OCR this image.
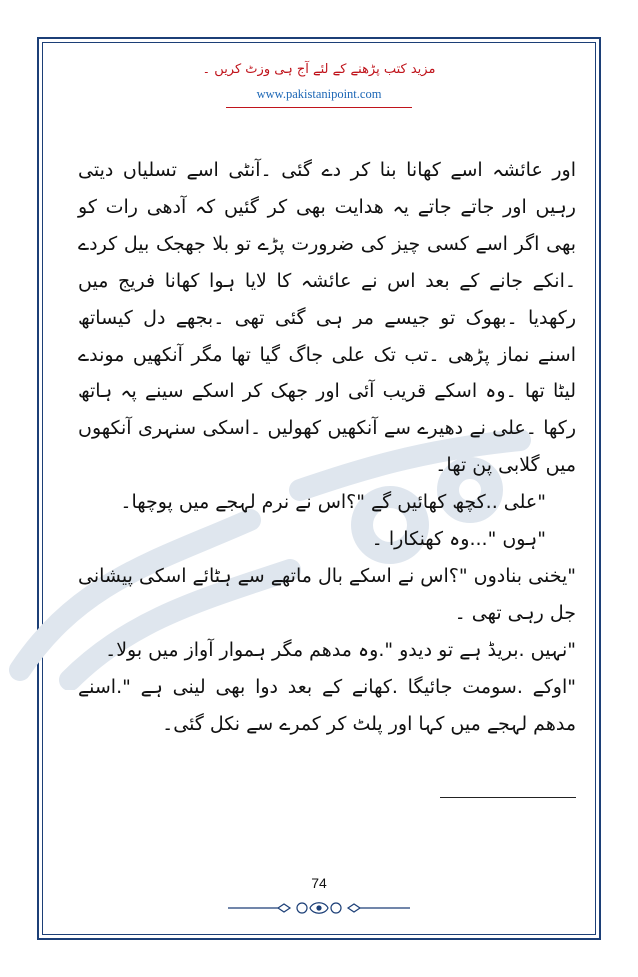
مزید کتب پڑھنے کے لئے آج ہی وزٹ کریں ۔
www.pakistanipoint.com

اور عائشہ اسے کھانا بنا کر دے گئی ۔آنٹی اسے تسلیاں دیتی رہیں اور جاتے جاتے یہ ھدایت بھی کر گئیں کہ آدھی رات کو بھی اگر اسے کسی چیز کی ضرورت پڑے تو بلا جھجک بیل کردے ۔انکے جانے کے بعد اس نے عائشہ کا لایا ہوا کھانا فریج میں رکھدیا ۔بھوک تو جیسے مر ہی گئی تھی ۔بجھے دل کیساتھ اسنے نماز پڑھی ۔تب تک علی جاگ گیا تھا مگر آنکھیں موندے لیٹا تھا ۔وہ اسکے قریب آئی اور جھک کر اسکے سینے پہ ہاتھ رکھا ۔علی نے دھیرے سے آنکھیں کھولیں ۔اسکی سنہری آنکھوں میں گلابی پن تھا۔

"علی ..کچھ کھائیں گے "؟اس نے نرم لہجے میں پوچھا۔

"ہوں "...وہ کھنکارا ۔

"یخنی بنادوں "؟اس نے اسکے بال ماتھے سے ہٹائے اسکی پیشانی جل رہی تھی ۔

"نہیں .بریڈ ہے تو دیدو ".وہ مدھم مگر ہموار آواز میں بولا۔

"اوکے .سومت جائیگا .کھانے کے بعد دوا بھی لینی ہے ".اسنے مدھم لہجے میں کہا اور پلٹ کر کمرے سے نکل گئی۔

74
